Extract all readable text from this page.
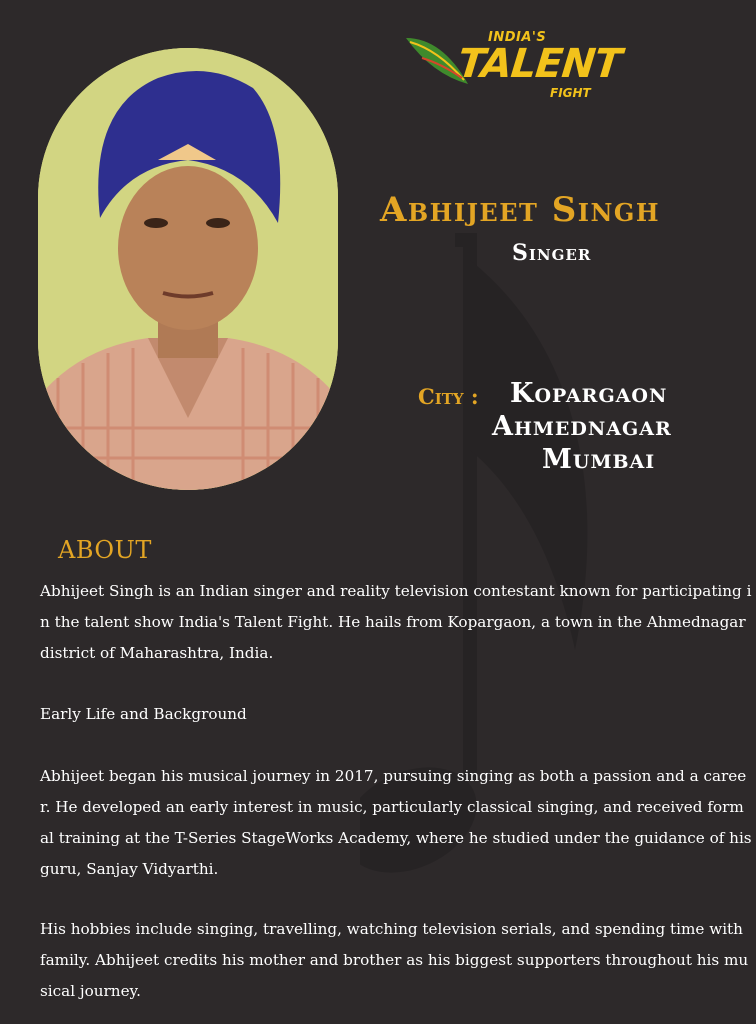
INDIA'S
TALENT
FIGHT
Abhijeet Singh
Singer
City : Kopargaon
Ahmednagar
Mumbai
ABOUT
Abhijeet Singh is an Indian singer and reality television contestant known for participating in the talent show India's Talent Fight. He hails from Kopargaon, a town in the Ahmednagar district of Maharashtra, India.
Early Life and Background
Abhijeet began his musical journey in 2017, pursuing singing as both a passion and a career. He developed an early interest in music, particularly classical singing, and received formal training at the T-Series StageWorks Academy, where he studied under the guidance of his guru, Sanjay Vidyarthi.
His hobbies include singing, travelling, watching television serials, and spending time with family. Abhijeet credits his mother and brother as his biggest supporters throughout his musical journey.
